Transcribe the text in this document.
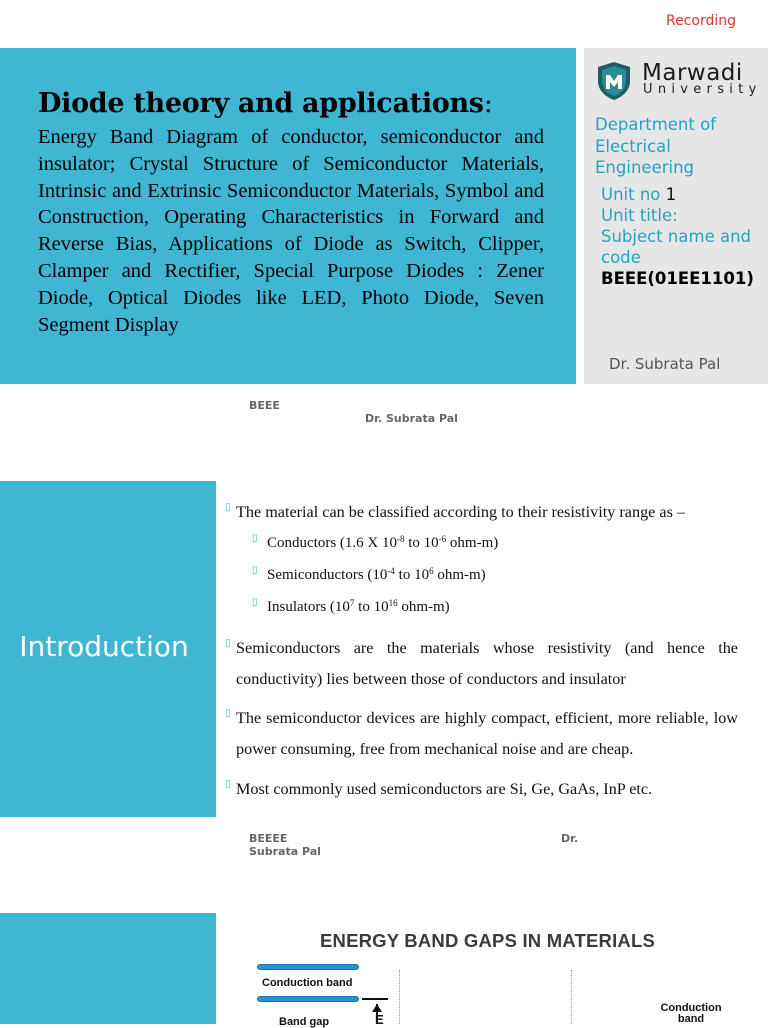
Recording
Diode theory and applications:
Energy Band Diagram of conductor, semiconductor and insulator; Crystal Structure of Semiconductor Materials, Intrinsic and Extrinsic Semiconductor Materials, Symbol and Construction, Operating Characteristics in Forward and Reverse Bias, Applications of Diode as Switch, Clipper, Clamper and Rectifier, Special Purpose Diodes : Zener Diode, Optical Diodes like LED, Photo Diode, Seven Segment Display
Marwadi
University
Department of Electrical Engineering
Unit no 1
Unit title:
Subject name and code
BEEE(01EE1101)
Dr. Subrata Pal
BEEE
Dr. Subrata Pal
Introduction
▯ The material can be classified according to their resistivity range as –
▯ Conductors (1.6 X $10^{-8}$ to $10^{-6}$ ohm-m)
▯ Semiconductors ($10^{-4}$ to $10^6$ ohm-m)
▯ Insulators ($10^7$ to $10^{16}$ ohm-m)
▯ Semiconductors are the materials whose resistivity (and hence the conductivity) lies between those of conductors and insulator
▯ The semiconductor devices are highly compact, efficient, more reliable, low power consuming, free from mechanical noise and are cheap.
▯ Most commonly used semiconductors are Si, Ge, GaAs, InP etc.
BEEEE
Subrata Pal
Dr.
ENERGY BAND GAPS IN MATERIALS
Conduction band
Band gap	E
Conduction band
